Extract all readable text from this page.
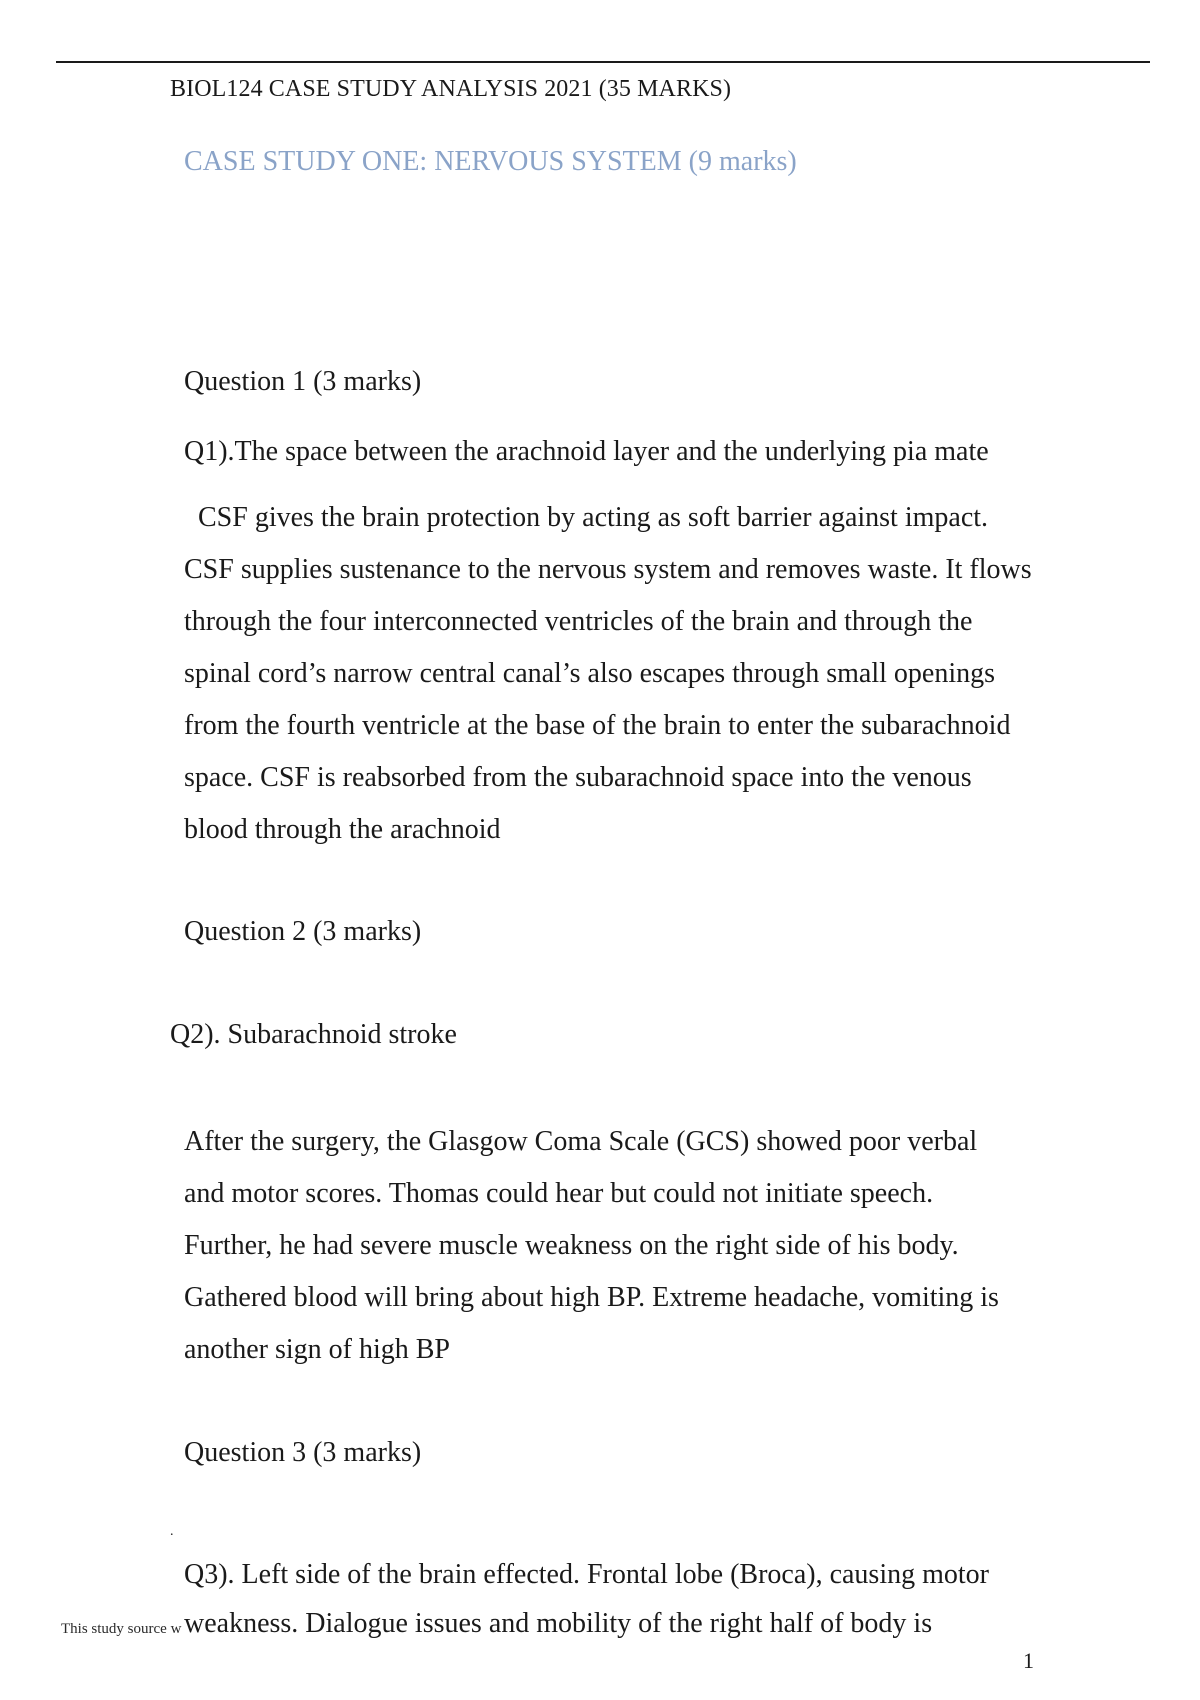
BIOL124 CASE STUDY ANALYSIS 2021 (35 MARKS)
CASE STUDY ONE: NERVOUS SYSTEM (9 marks)
Question 1 (3 marks)
Q1).The space between the arachnoid layer and the underlying pia mate
CSF gives the brain protection by acting as soft barrier against impact.
CSF supplies sustenance to the nervous system and removes waste. It flows
through the four interconnected ventricles of the brain and through the
spinal cord’s narrow central canal’s also escapes through small openings
from the fourth ventricle at the base of the brain to enter the subarachnoid
space. CSF is reabsorbed from the subarachnoid space into the venous
blood through the arachnoid
Question 2 (3 marks)
Q2). Subarachnoid stroke
After the surgery, the Glasgow Coma Scale (GCS) showed poor verbal
and motor scores. Thomas could hear but could not initiate speech.
Further, he had severe muscle weakness on the right side of his body.
Gathered blood will bring about high BP. Extreme headache, vomiting is
another sign of high BP
Question 3 (3 marks)
.
Q3). Left side of the brain effected. Frontal lobe (Broca), causing motor
This study source w weakness. Dialogue issues and mobility of the right half of body is
1
